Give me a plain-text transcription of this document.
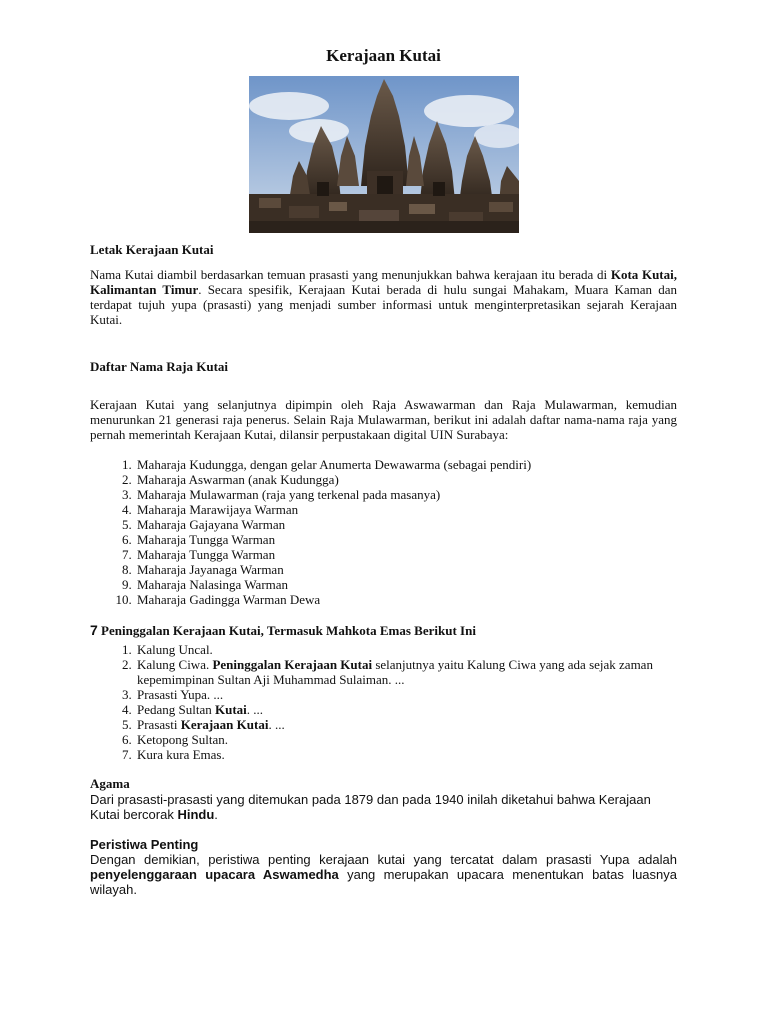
Kerajaan Kutai

Letak Kerajaan Kutai

Nama Kutai diambil berdasarkan temuan prasasti yang menunjukkan bahwa kerajaan itu berada di Kota Kutai, Kalimantan Timur. Secara spesifik, Kerajaan Kutai berada di hulu sungai Mahakam, Muara Kaman dan terdapat tujuh yupa (prasasti) yang menjadi sumber informasi untuk menginterpretasikan sejarah Kerajaan Kutai.

Daftar Nama Raja Kutai

Kerajaan Kutai yang selanjutnya dipimpin oleh Raja Aswawarman dan Raja Mulawarman, kemudian menurunkan 21 generasi raja penerus. Selain Raja Mulawarman, berikut ini adalah daftar nama-nama raja yang pernah memerintah Kerajaan Kutai, dilansir perpustakaan digital UIN Surabaya:

1. Maharaja Kudungga, dengan gelar Anumerta Dewawarma (sebagai pendiri)
2. Maharaja Aswarman (anak Kudungga)
3. Maharaja Mulawarman (raja yang terkenal pada masanya)
4. Maharaja Marawijaya Warman
5. Maharaja Gajayana Warman
6. Maharaja Tungga Warman
7. Maharaja Tungga Warman
8. Maharaja Jayanaga Warman
9. Maharaja Nalasinga Warman
10. Maharaja Gadingga Warman Dewa

7 Peninggalan Kerajaan Kutai, Termasuk Mahkota Emas Berikut Ini

1. Kalung Uncal.
2. Kalung Ciwa. Peninggalan Kerajaan Kutai selanjutnya yaitu Kalung Ciwa yang ada sejak zaman kepemimpinan Sultan Aji Muhammad Sulaiman. ...
3. Prasasti Yupa. ...
4. Pedang Sultan Kutai. ...
5. Prasasti Kerajaan Kutai. ...
6. Ketopong Sultan.
7. Kura kura Emas.

Agama

Dari prasasti-prasasti yang ditemukan pada 1879 dan pada 1940 inilah diketahui bahwa Kerajaan Kutai bercorak Hindu.

Peristiwa Penting

Dengan demikian, peristiwa penting kerajaan kutai yang tercatat dalam prasasti Yupa adalah penyelenggaraan upacara Aswamedha yang merupakan upacara menentukan batas luasnya wilayah.
